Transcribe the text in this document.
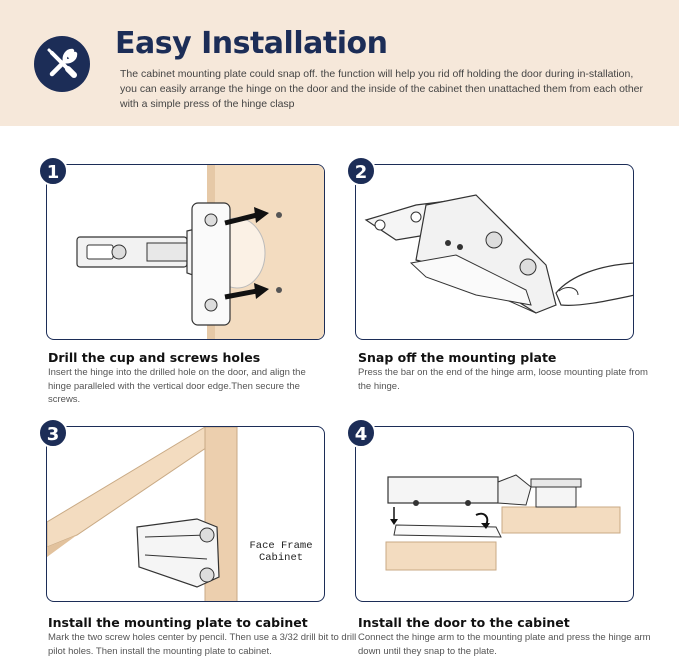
Easy Installation
The cabinet mounting plate could snap off. the function will help you rid off holding the door during in-stallation, you can easily arrange the hinge on the door and the inside of the cabinet then unattached them from each other with a simple press of the hinge clasp
1
Drill the cup and screws holes
Insert the hinge into the drilled hole on the door, and align the hinge paralleled with the vertical door edge.Then secure the screws.
2
Snap off the mounting plate
Press the bar on the end of the hinge arm, loose mounting plate from the hinge.
Face Frame
Cabinet
3
Install the mounting plate to cabinet
Mark the two screw holes center by pencil. Then use a 3/32 drill bit to drill pilot holes. Then install the mounting plate to cabinet.
4
Install the door to the cabinet
Connect the hinge arm to the mounting plate and press the hinge arm down until they snap to the plate.
